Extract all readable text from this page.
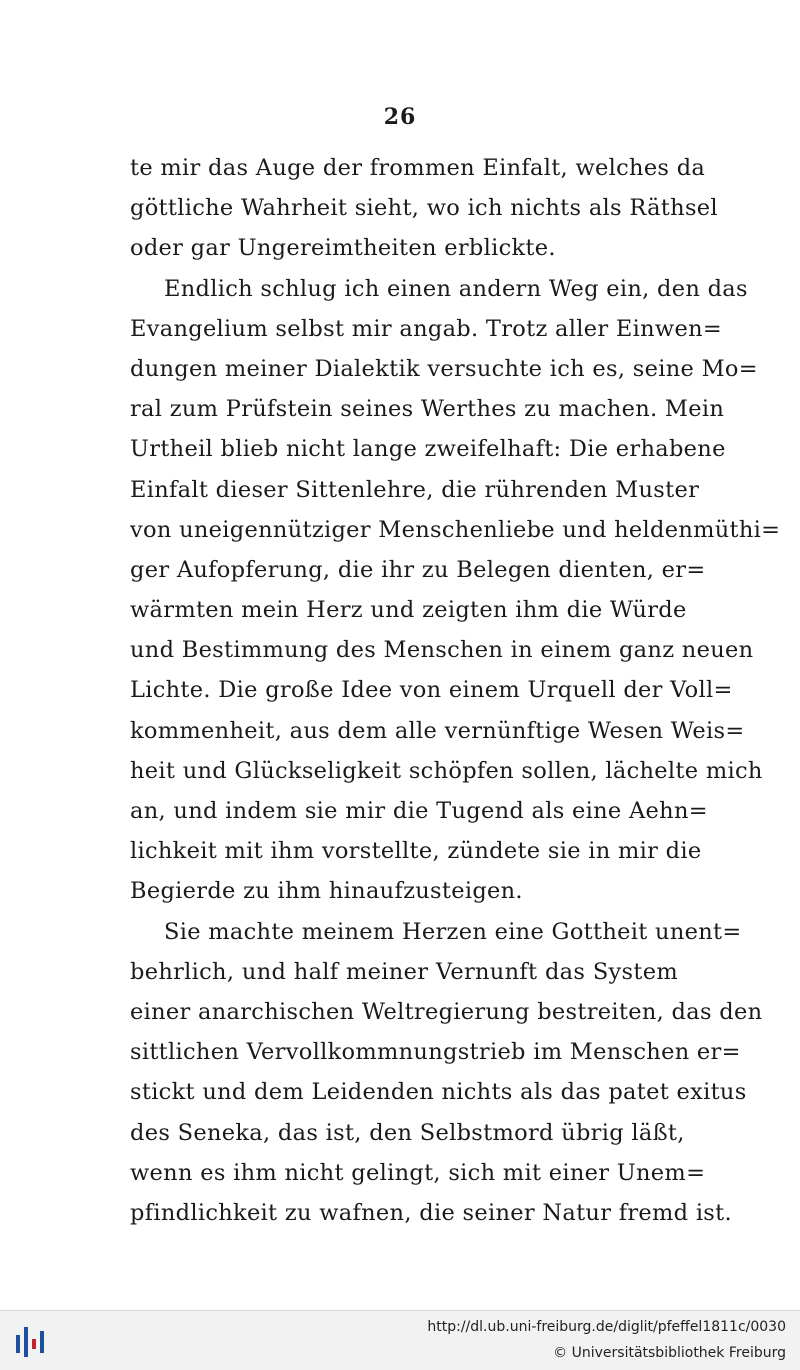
26
te mir das Auge der frommen Einfalt, welches da
göttliche Wahrheit sieht, wo ich nichts als Räthsel
oder gar Ungereimtheiten erblickte.
Endlich schlug ich einen andern Weg ein, den das
Evangelium selbst mir angab. Trotz aller Einwen=
dungen meiner Dialektik versuchte ich es, seine Mo=
ral zum Prüfstein seines Werthes zu machen. Mein
Urtheil blieb nicht lange zweifelhaft: Die erhabene
Einfalt dieser Sittenlehre, die rührenden Muster
von uneigennütziger Menschenliebe und heldenmüthi=
ger Aufopferung, die ihr zu Belegen dienten, er=
wärmten mein Herz und zeigten ihm die Würde
und Bestimmung des Menschen in einem ganz neuen
Lichte. Die große Idee von einem Urquell der Voll=
kommenheit, aus dem alle vernünftige Wesen Weis=
heit und Glückseligkeit schöpfen sollen, lächelte mich
an, und indem sie mir die Tugend als eine Aehn=
lichkeit mit ihm vorstellte, zündete sie in mir die
Begierde zu ihm hinaufzusteigen.
Sie machte meinem Herzen eine Gottheit unent=
behrlich, und half meiner Vernunft das System
einer anarchischen Weltregierung bestreiten, das den
sittlichen Vervollkommnungstrieb im Menschen er=
stickt und dem Leidenden nichts als das patet exitus
des Seneka, das ist, den Selbstmord übrig läßt,
wenn es ihm nicht gelingt, sich mit einer Unem=
pfindlichkeit zu wafnen, die seiner Natur fremd ist.
http://dl.ub.uni-freiburg.de/diglit/pfeffel1811c/0030
© Universitätsbibliothek Freiburg
